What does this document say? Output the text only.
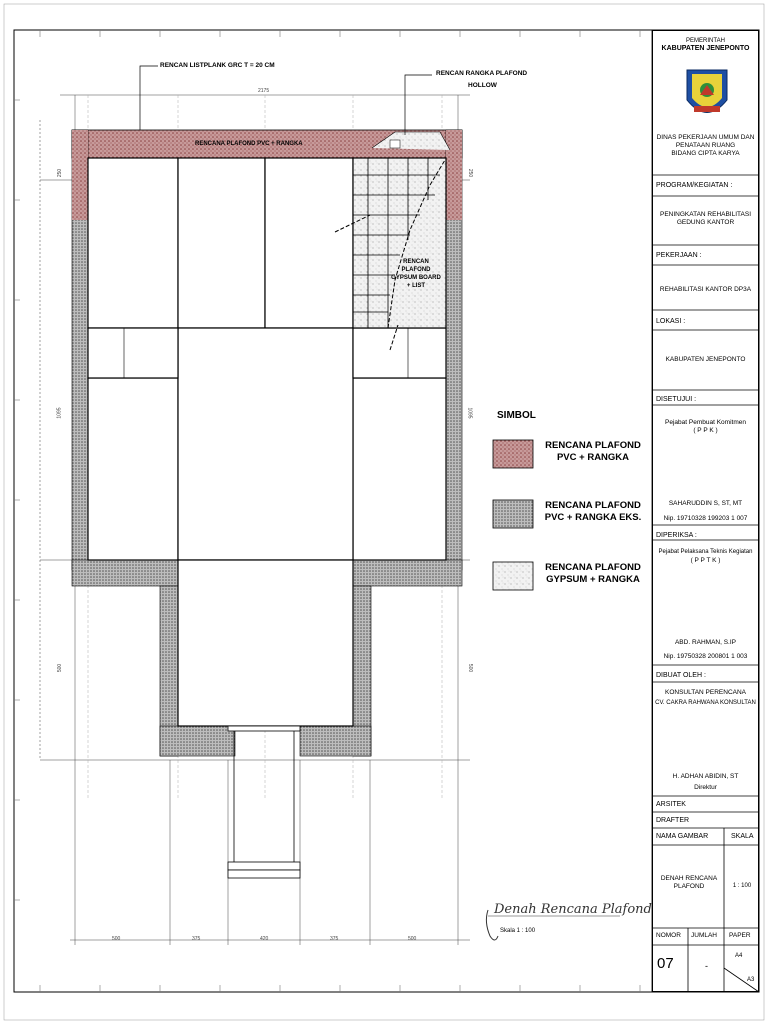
RENCAN LISTPLANK GRC T = 20 CM
RENCAN RANGKA PLAFOND
HOLLOW
RENCANA PLAFOND PVC + RANGKA
RENCAN
PLAFOND
GYPSUM BOARD
+ LIST
2175
250
1095
500
250
1095
500
500	375	420	375	500
Denah Rencana Plafond
Skala 1 : 100
SIMBOL
RENCANA PLAFOND
PVC + RANGKA
RENCANA PLAFOND
PVC + RANGKA EKS.
RENCANA PLAFOND
GYPSUM + RANGKA
PEMERINTAH
KABUPATEN JENEPONTO
DINAS PEKERJAAN UMUM DAN
PENATAAN RUANG
BIDANG CIPTA KARYA
PROGRAM/KEGIATAN :
PENINGKATAN REHABILITASI
GEDUNG KANTOR
PEKERJAAN :
REHABILITASI KANTOR DP3A
LOKASI :
KABUPATEN JENEPONTO
DISETUJUI :
Pejabat Pembuat Komitmen
( P P K )
SAHARUDDIN S, ST, MT
Nip. 19710328 199203 1 007
DIPERIKSA :
Pejabat Pelaksana Teknis Kegiatan
( P P T K )
ABD. RAHMAN, S.IP
Nip. 19750328 200801 1 003
DIBUAT OLEH :
KONSULTAN PERENCANA
CV. CAKRA RAHWANA KONSULTAN
H. ADHAN ABIDIN, ST
Direktur
ARSITEK
DRAFTER
NAMA GAMBAR	SKALA
DENAH RENCANA
PLAFOND	1 : 100
NOMOR JUMLAH PAPER
07	-
A4
A3
